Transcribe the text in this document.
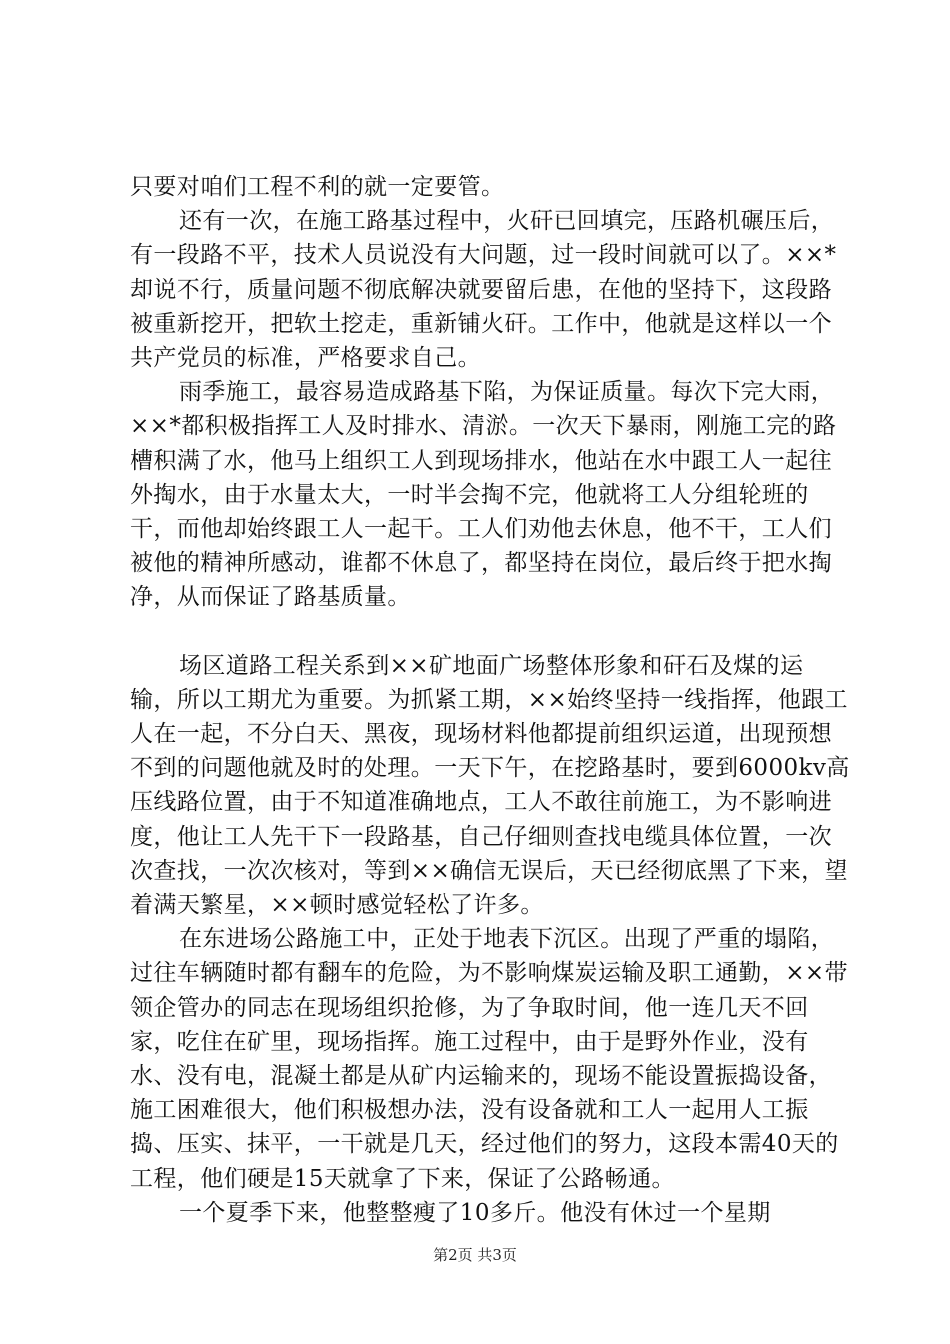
只要对咱们工程不利的就一定要管。

还有一次，在施工路基过程中，火矸已回填完，压路机碾压后，有一段路不平，技术人员说没有大问题，过一段时间就可以了。××*却说不行，质量问题不彻底解决就要留后患，在他的坚持下，这段路被重新挖开，把软土挖走，重新铺火矸。工作中，他就是这样以一个共产党员的标准，严格要求自己。

雨季施工，最容易造成路基下陷，为保证质量。每次下完大雨，××*都积极指挥工人及时排水、清淤。一次天下暴雨，刚施工完的路槽积满了水，他马上组织工人到现场排水，他站在水中跟工人一起往外掏水，由于水量太大，一时半会掏不完，他就将工人分组轮班的干，而他却始终跟工人一起干。工人们劝他去休息，他不干，工人们被他的精神所感动，谁都不休息了，都坚持在岗位，最后终于把水掏净，从而保证了路基质量。

场区道路工程关系到××矿地面广场整体形象和矸石及煤的运输，所以工期尤为重要。为抓紧工期，××始终坚持一线指挥，他跟工人在一起，不分白天、黑夜，现场材料他都提前组织运道，出现预想不到的问题他就及时的处理。一天下午，在挖路基时，要到6000kv高压线路位置，由于不知道准确地点，工人不敢往前施工，为不影响进度，他让工人先干下一段路基，自己仔细则查找电缆具体位置，一次次查找，一次次核对，等到××确信无误后，天已经彻底黑了下来，望着满天繁星，××顿时感觉轻松了许多。

在东进场公路施工中，正处于地表下沉区。出现了严重的塌陷，过往车辆随时都有翻车的危险，为不影响煤炭运输及职工通勤，××带领企管办的同志在现场组织抢修，为了争取时间，他一连几天不回家，吃住在矿里，现场指挥。施工过程中，由于是野外作业，没有水、没有电，混凝土都是从矿内运输来的，现场不能设置振捣设备，施工困难很大，他们积极想办法，没有设备就和工人一起用人工振捣、压实、抹平，一干就是几天，经过他们的努力，这段本需40天的工程，他们硬是15天就拿了下来，保证了公路畅通。

一个夏季下来，他整整瘦了10多斤。他没有休过一个星期

第2页 共3页
